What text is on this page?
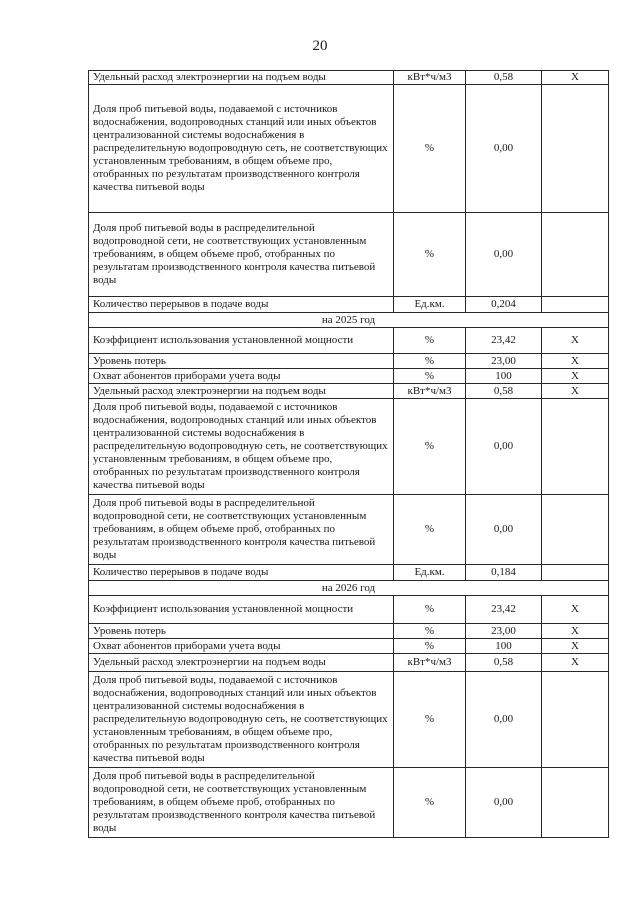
20
Удельный расход электроэнергии на подъем воды	кВт*ч/м3	0,58	X
Доля проб питьевой воды, подаваемой с источников водоснабжения, водопроводных станций или иных объектов централизованной системы водоснабжения в распределительную водопроводную сеть, не соответствующих установленным требованиям, в общем объеме про, отобранных по результатам производственного контроля качества питьевой воды	%	0,00	
Доля проб питьевой воды в распределительной водопроводной сети, не соответствующих установленным требованиям, в общем объеме проб, отобранных по результатам производственного контроля качества питьевой воды	%	0,00	
Количество перерывов в подаче воды	Ед.км.	0,204	
на 2025 год			
Коэффициент использования установленной мощности	%	23,42	X
Уровень потерь	%	23,00	X
Охват абонентов приборами учета воды	%	100	X
Удельный расход электроэнергии на подъем воды	кВт*ч/м3	0,58	X
Доля проб питьевой воды, подаваемой с источников водоснабжения, водопроводных станций или иных объектов централизованной системы водоснабжения в распределительную водопроводную сеть, не соответствующих установленным требованиям, в общем объеме про, отобранных по результатам производственного контроля качества питьевой воды	%	0,00	
Доля проб питьевой воды в распределительной водопроводной сети, не соответствующих установленным требованиям, в общем объеме проб, отобранных по результатам производственного контроля качества питьевой воды	%	0,00	
Количество перерывов в подаче воды	Ед.км.	0,184	
на 2026 год			
Коэффициент использования установленной мощности	%	23,42	X
Уровень потерь	%	23,00	X
Охват абонентов приборами учета воды	%	100	X
Удельный расход электроэнергии на подъем воды	кВт*ч/м3	0,58	X
Доля проб питьевой воды, подаваемой с источников водоснабжения, водопроводных станций или иных объектов централизованной системы водоснабжения в распределительную водопроводную сеть, не соответствующих установленным требованиям, в общем объеме про, отобранных по результатам производственного контроля качества питьевой воды	%	0,00	
Доля проб питьевой воды в распределительной водопроводной сети, не соответствующих установленным требованиям, в общем объеме проб, отобранных по результатам производственного контроля качества питьевой воды	%	0,00	
